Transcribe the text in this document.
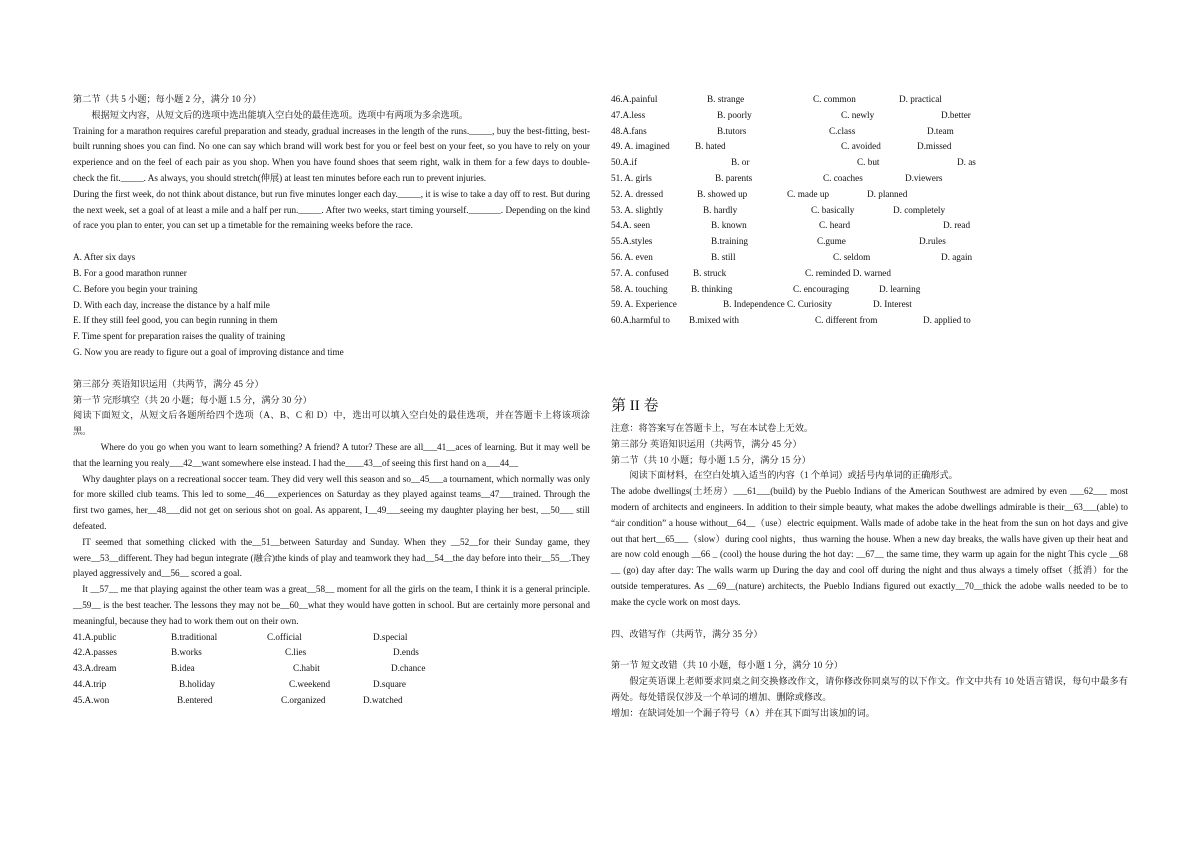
第二节（共 5 小题；每小题 2 分，满分 10 分）

根据短文内容，从短文后的选项中选出能填入空白处的最佳选项。选项中有两项为多余选项。

Training for a marathon requires careful preparation and steady, gradual increases in the length of the runs._____, buy the best-fitting, best-built running shoes you can find. No one can say which brand will work best for you or feel best on your feet, so you have to rely on your experience and on the feel of each pair as you shop. When you have found shoes that seem right, walk in them for a few days to double-check the fit._____. As always, you should stretch(伸展) at least ten minutes before each run to prevent injuries.

During the first week, do not think about distance, but run five minutes longer each day._____, it is wise to take a day off to rest. But during the next week, set a goal of at least a mile and a half per run._____. After two weeks, start timing yourself._______. Depending on the kind of race you plan to enter, you can set up a timetable for the remaining weeks before the race.

A. After six days

B. For a good marathon runner

C. Before you begin your training

D. With each day, increase the distance by a half mile

E. If they still feel good, you can begin running in them

F. Time spent for preparation raises the quality of training

G. Now you are ready to figure out a goal of improving distance and time

第三部分 英语知识运用（共两节，满分 45 分）

第一节 完形填空（共 20 小题；每小题 1.5 分，满分 30 分）

阅读下面短文，从短文后各题所给四个选项（A、B、C 和 D）中，选出可以填入空白处的最佳选项，并在答题卡上将该项涂黑。

Where do you go when you want to learn something? A friend? A tutor? These are all___41__aces of learning. But it may well be that the learning you realy___42__want somewhere else instead. I had the____43__of seeing this first hand on a___44__

Why daughter plays on a recreational soccer team. They did very well this season and so__45___a tournament, which normally was only for more skilled club teams. This led to some__46___experiences on Saturday as they played against teams__47___trained. Through the first two games, her__48___did not get on serious shot on goal. As apparent, I__49___seeing my daughter playing her best, __50___ still defeated.

IT seemed that something clicked with the__51__between Saturday and Sunday. When they __52__for their Sunday game, they were__53__different. They had begun integrate (融合)the kinds of play and teamwork they had__54__the day before into their__55__.They played aggressively and__56__ scored a goal.

It __57__ me that playing against the other team was a great__58__ moment for all the girls on the team, I think it is a general principle. __59__ is the best teacher. The lessons they may not be__60__what they would have gotten in school. But are certainly more personal and meaningful, because they had to work them out on their own.

41.A.public	B.traditional	C.official	D.special
42.A.passes	B.works	C.lies	D.ends
43.A.dream	B.idea	C.habit	D.chance
44.A.trip	B.holiday	C.weekend	D.square
45.A.won	B.entered	C.organized	D.watched
46.A.painful	B. strange	C. common	D. practical
47.A.less	B. poorly	C. newly	D.better
48.A.fans	B.tutors	C.class	D.team
49. A. imagined	B. hated	C. avoided	D.missed
50.A.if	B. or	C. but	D. as
51. A. girls	B. parents	C. coaches	D.viewers
52. A. dressed	B. showed up	C. made up	D. planned
53. A. slightly	B. hardly	C. basically	D. completely
54.A. seen	B. known	C. heard	D. read
55.A.styles	B.training	C.gume	D.rules
56. A. even	B. still	C. seldom	D. again
57. A. confused	B. struck	C. reminded D. warned
58. A. touching	B. thinking	C. encouraging	D. learning
59. A. Experience	B. Independence C. Curiosity	D. Interest
60.A.harmful to B.mixed with	C. different from	D. applied to

第 II 卷

注意：将答案写在答题卡上，写在本试卷上无效。

第三部分 英语知识运用（共两节，满分 45 分）

第二节（共 10 小题；每小题 1.5 分，满分 15 分）

阅读下面材料，在空白处填入适当的内容（1 个单词）或括号内单词的正确形式。

The adobe dwellings(土坯房）___61___(build) by the Pueblo Indians of the American Southwest are admired by even ___62___ most modern of architects and engineers. In addition to their simple beauty, what makes the adobe dwellings admirable is their__63___(able) to “air condition” a house without__64__（use）electric equipment. Walls made of adobe take in the heat from the sun on hot days and give out that hert__65___（slow）during cool nights，thus warning the house. When a new day breaks, the walls have given up their heat and are now cold enough __66 _ (cool) the house during the hot day: __67__ the same time, they warm up again for the night This cycle __68 __ (go) day after day: The walls warm up During the day and cool off during the night and thus always a timely offset（抵消）for the outside temperatures. As __69__(nature) architects, the Pueblo Indians figured out exactly__70__thick the adobe walls needed to be to make the cycle work on most days.

四、改错写作（共两节，满分 35 分）

第一节 短文改错（共 10 小题，每小题 1 分，满分 10 分）

假定英语课上老师要求同桌之间交换修改作文，请你修改你同桌写的以下作文。作文中共有 10 处语言错误，每句中最多有两处。每处错误仅涉及一个单词的增加、删除或修改。

增加：在缺词处加一个漏子符号（∧）并在其下面写出该加的词。
